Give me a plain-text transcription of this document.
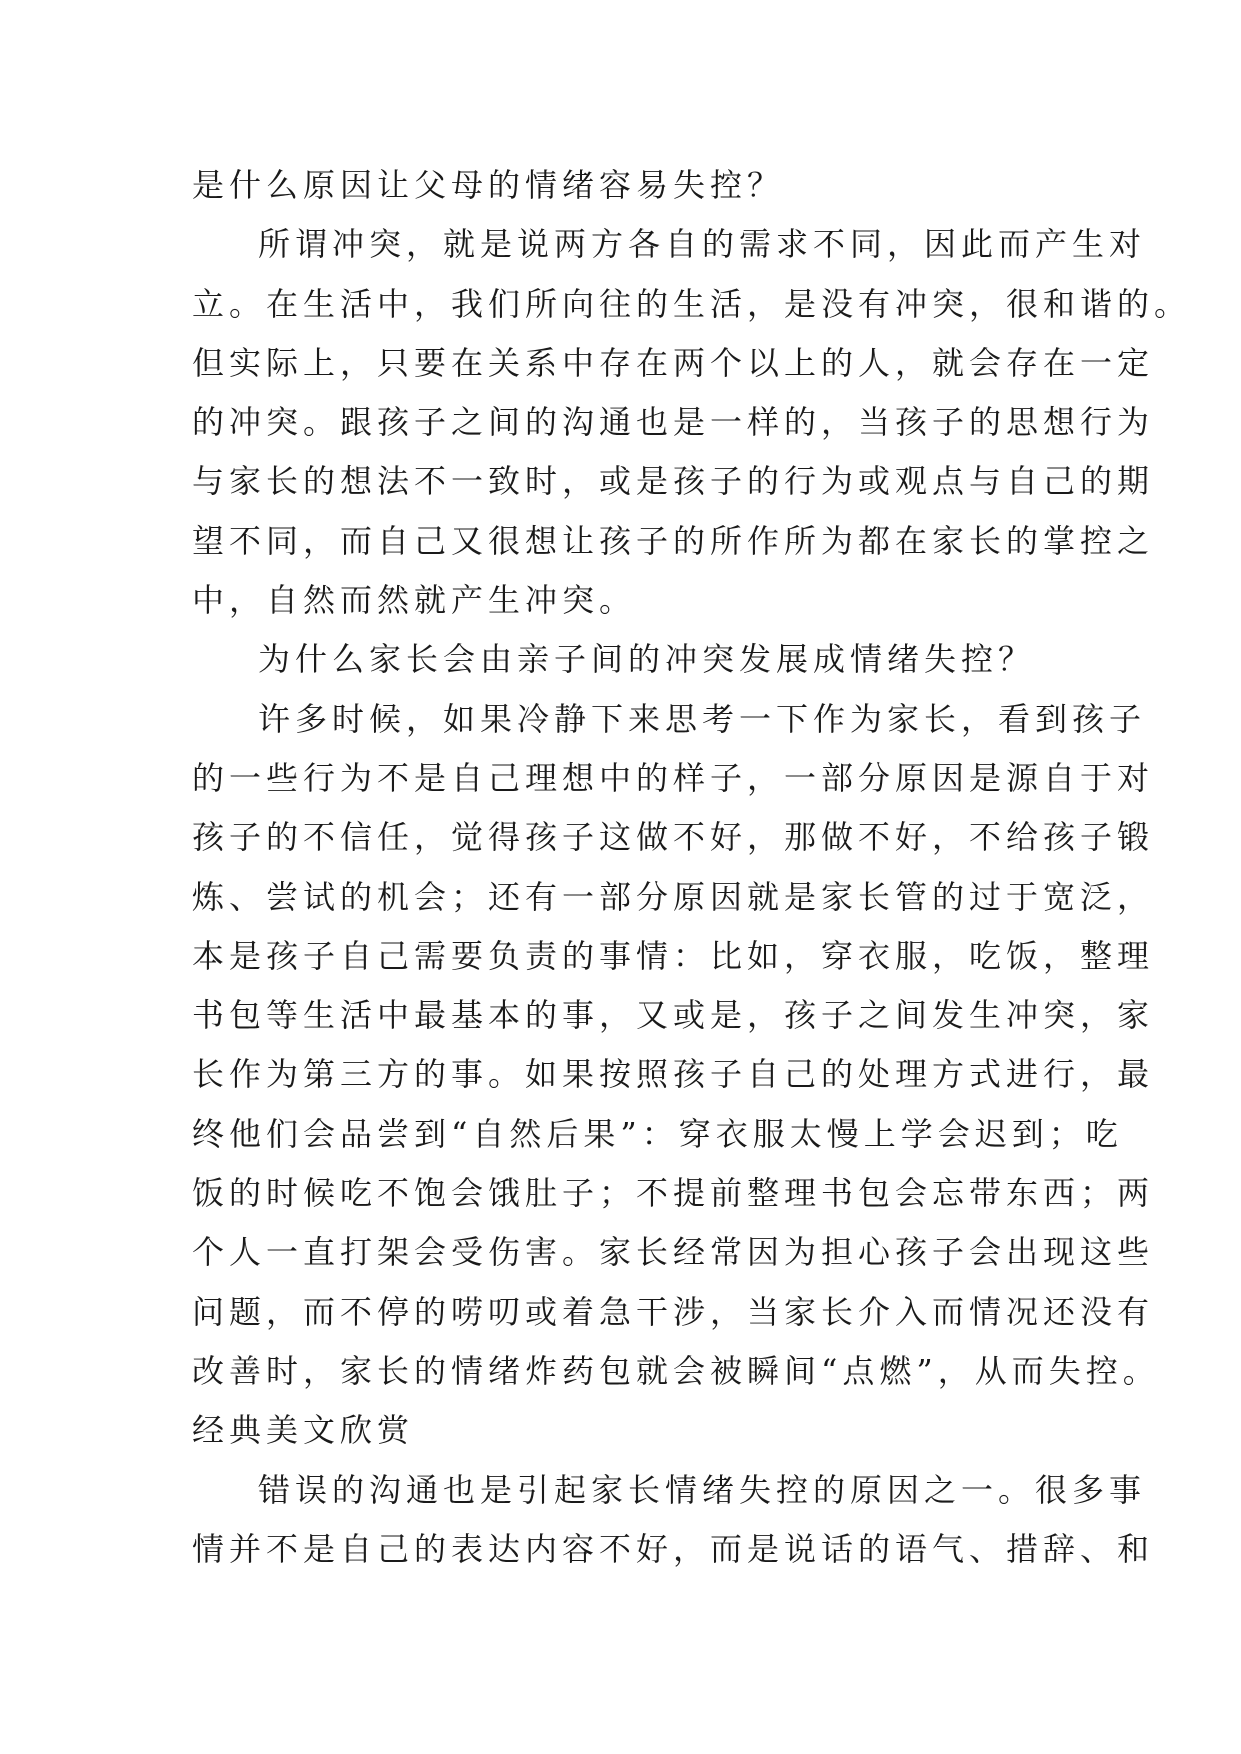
是什么原因让父母的情绪容易失控？
所谓冲突，就是说两方各自的需求不同，因此而产生对
立。在生活中，我们所向往的生活，是没有冲突，很和谐的。
但实际上，只要在关系中存在两个以上的人，就会存在一定
的冲突。跟孩子之间的沟通也是一样的，当孩子的思想行为
与家长的想法不一致时，或是孩子的行为或观点与自己的期
望不同，而自己又很想让孩子的所作所为都在家长的掌控之
中，自然而然就产生冲突。
为什么家长会由亲子间的冲突发展成情绪失控？
许多时候，如果冷静下来思考一下作为家长，看到孩子
的一些行为不是自己理想中的样子，一部分原因是源自于对
孩子的不信任，觉得孩子这做不好，那做不好，不给孩子锻
炼、尝试的机会；还有一部分原因就是家长管的过于宽泛，
本是孩子自己需要负责的事情：比如，穿衣服，吃饭，整理
书包等生活中最基本的事，又或是，孩子之间发生冲突，家
长作为第三方的事。如果按照孩子自己的处理方式进行，最
终他们会品尝到“自然后果”：穿衣服太慢上学会迟到；吃
饭的时候吃不饱会饿肚子；不提前整理书包会忘带东西；两
个人一直打架会受伤害。家长经常因为担心孩子会出现这些
问题，而不停的唠叨或着急干涉，当家长介入而情况还没有
改善时，家长的情绪炸药包就会被瞬间“点燃”，从而失控。
经典美文欣赏
错误的沟通也是引起家长情绪失控的原因之一。很多事
情并不是自己的表达内容不好，而是说话的语气、措辞、和
